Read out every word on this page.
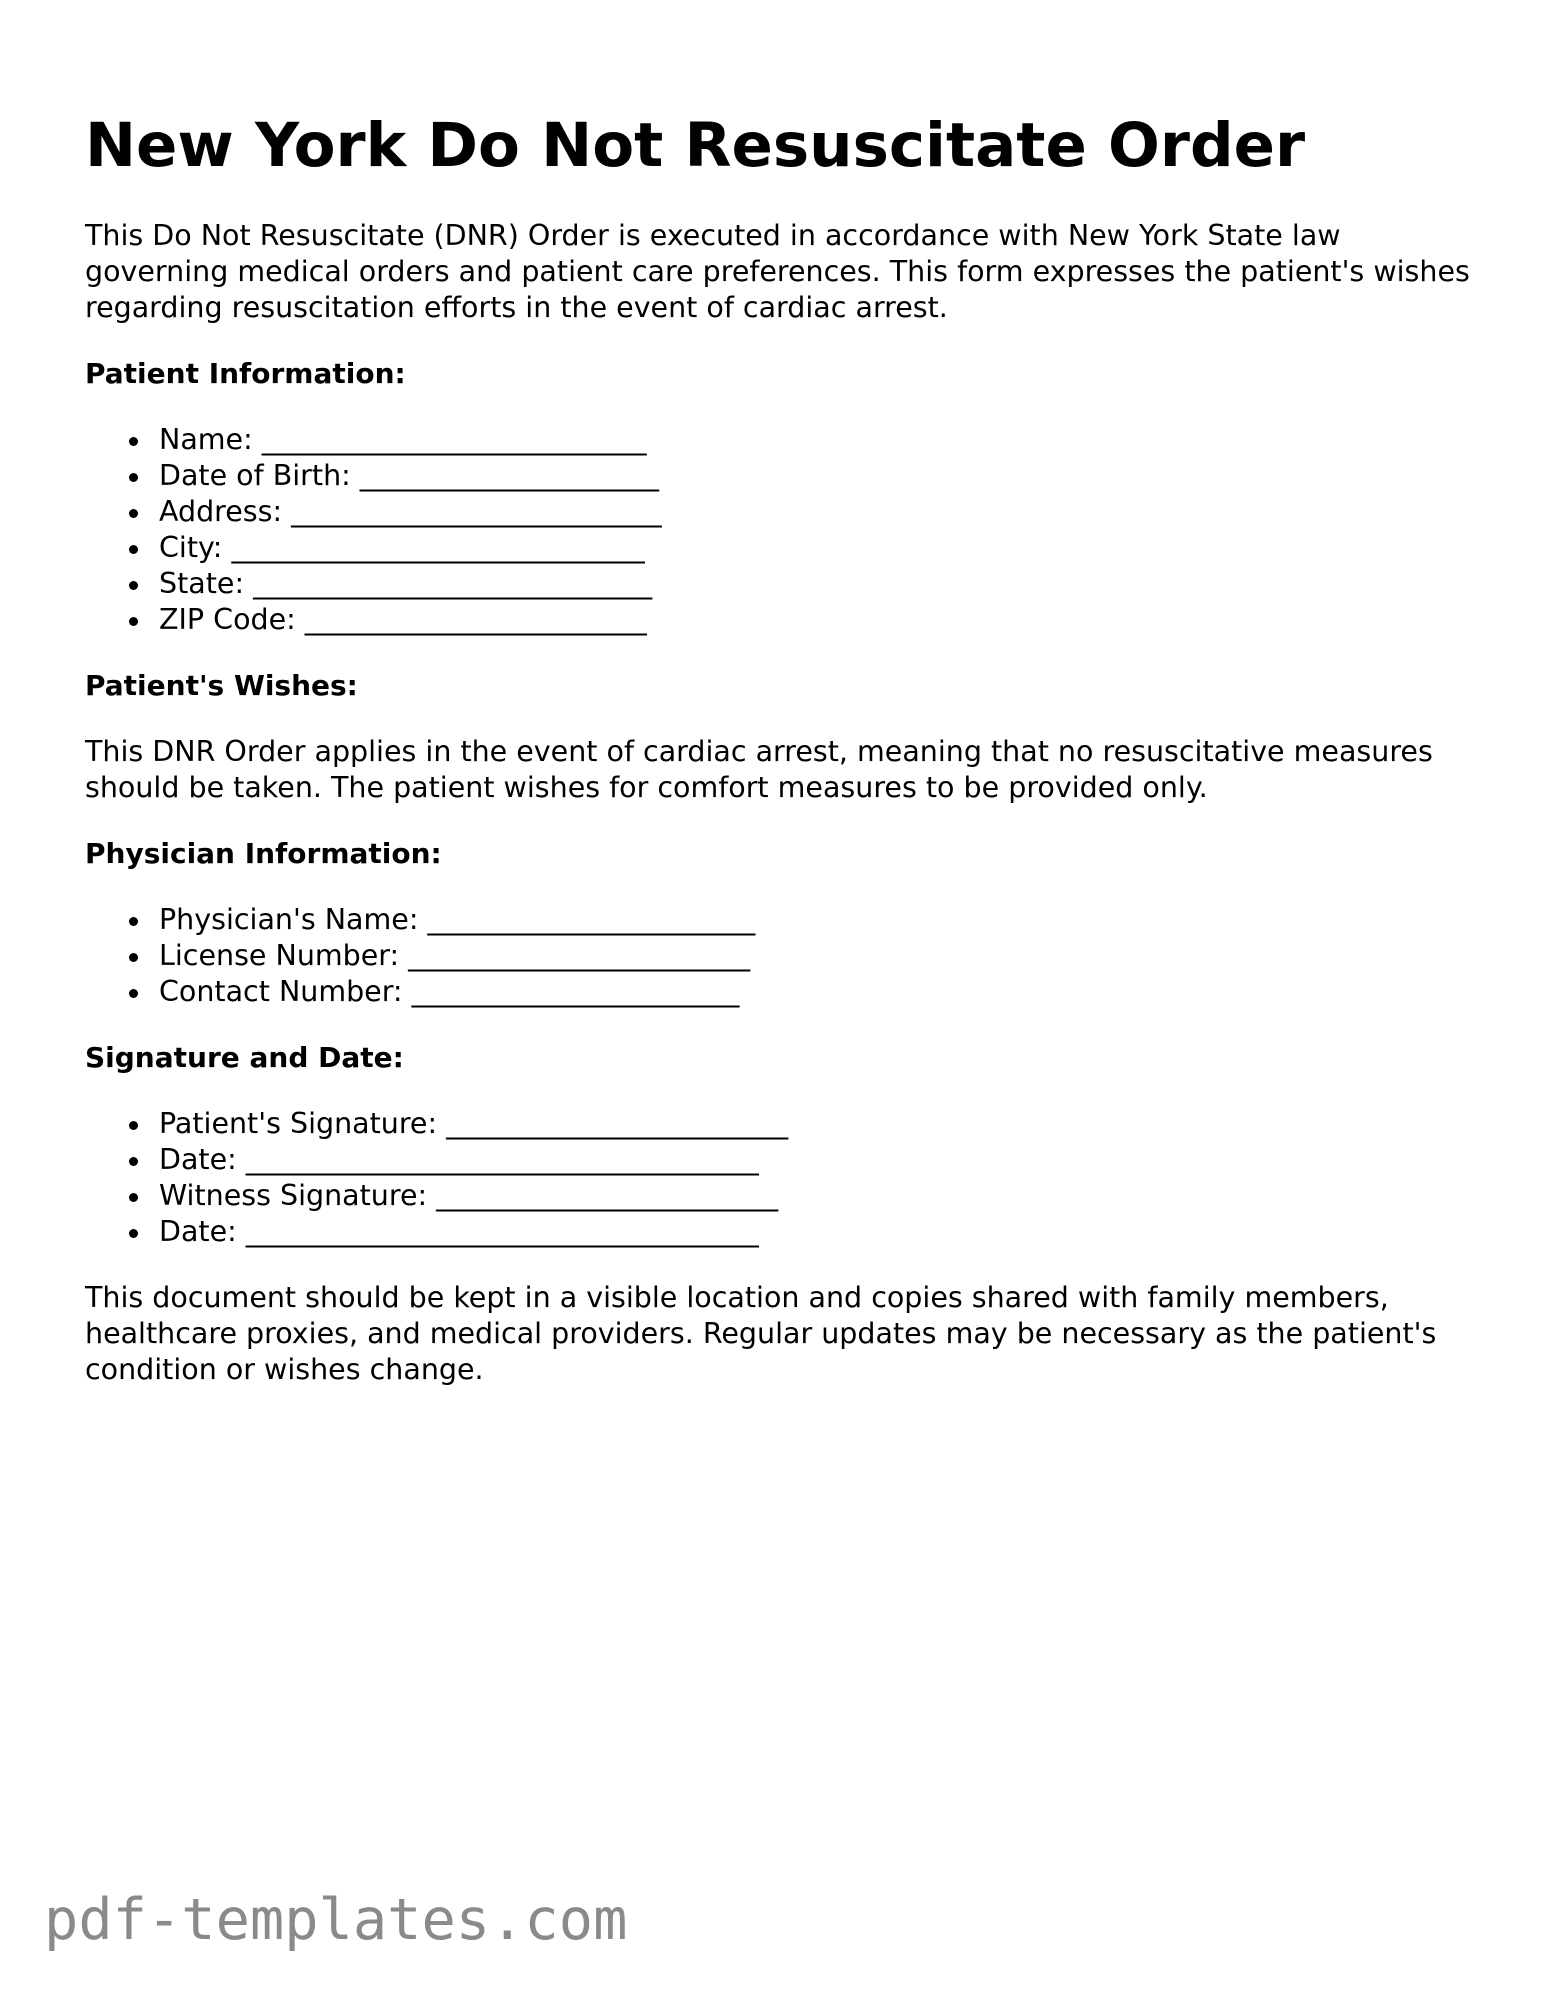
New York Do Not Resuscitate Order

This Do Not Resuscitate (DNR) Order is executed in accordance with New York State law governing medical orders and patient care preferences. This form expresses the patient's wishes regarding resuscitation efforts in the event of cardiac arrest.

Patient Information:

Name: ___________________________
Date of Birth: _____________________
Address: __________________________
City: _____________________________
State: ____________________________
ZIP Code: ________________________

Patient's Wishes:

This DNR Order applies in the event of cardiac arrest, meaning that no resuscitative measures should be taken. The patient wishes for comfort measures to be provided only.

Physician Information:

Physician's Name: _______________________
License Number: ________________________
Contact Number: _______________________

Signature and Date:

Patient's Signature: ________________________
Date: ____________________________________
Witness Signature: ________________________
Date: ____________________________________

This document should be kept in a visible location and copies shared with family members, healthcare proxies, and medical providers. Regular updates may be necessary as the patient's condition or wishes change.

pdf-templates.com
